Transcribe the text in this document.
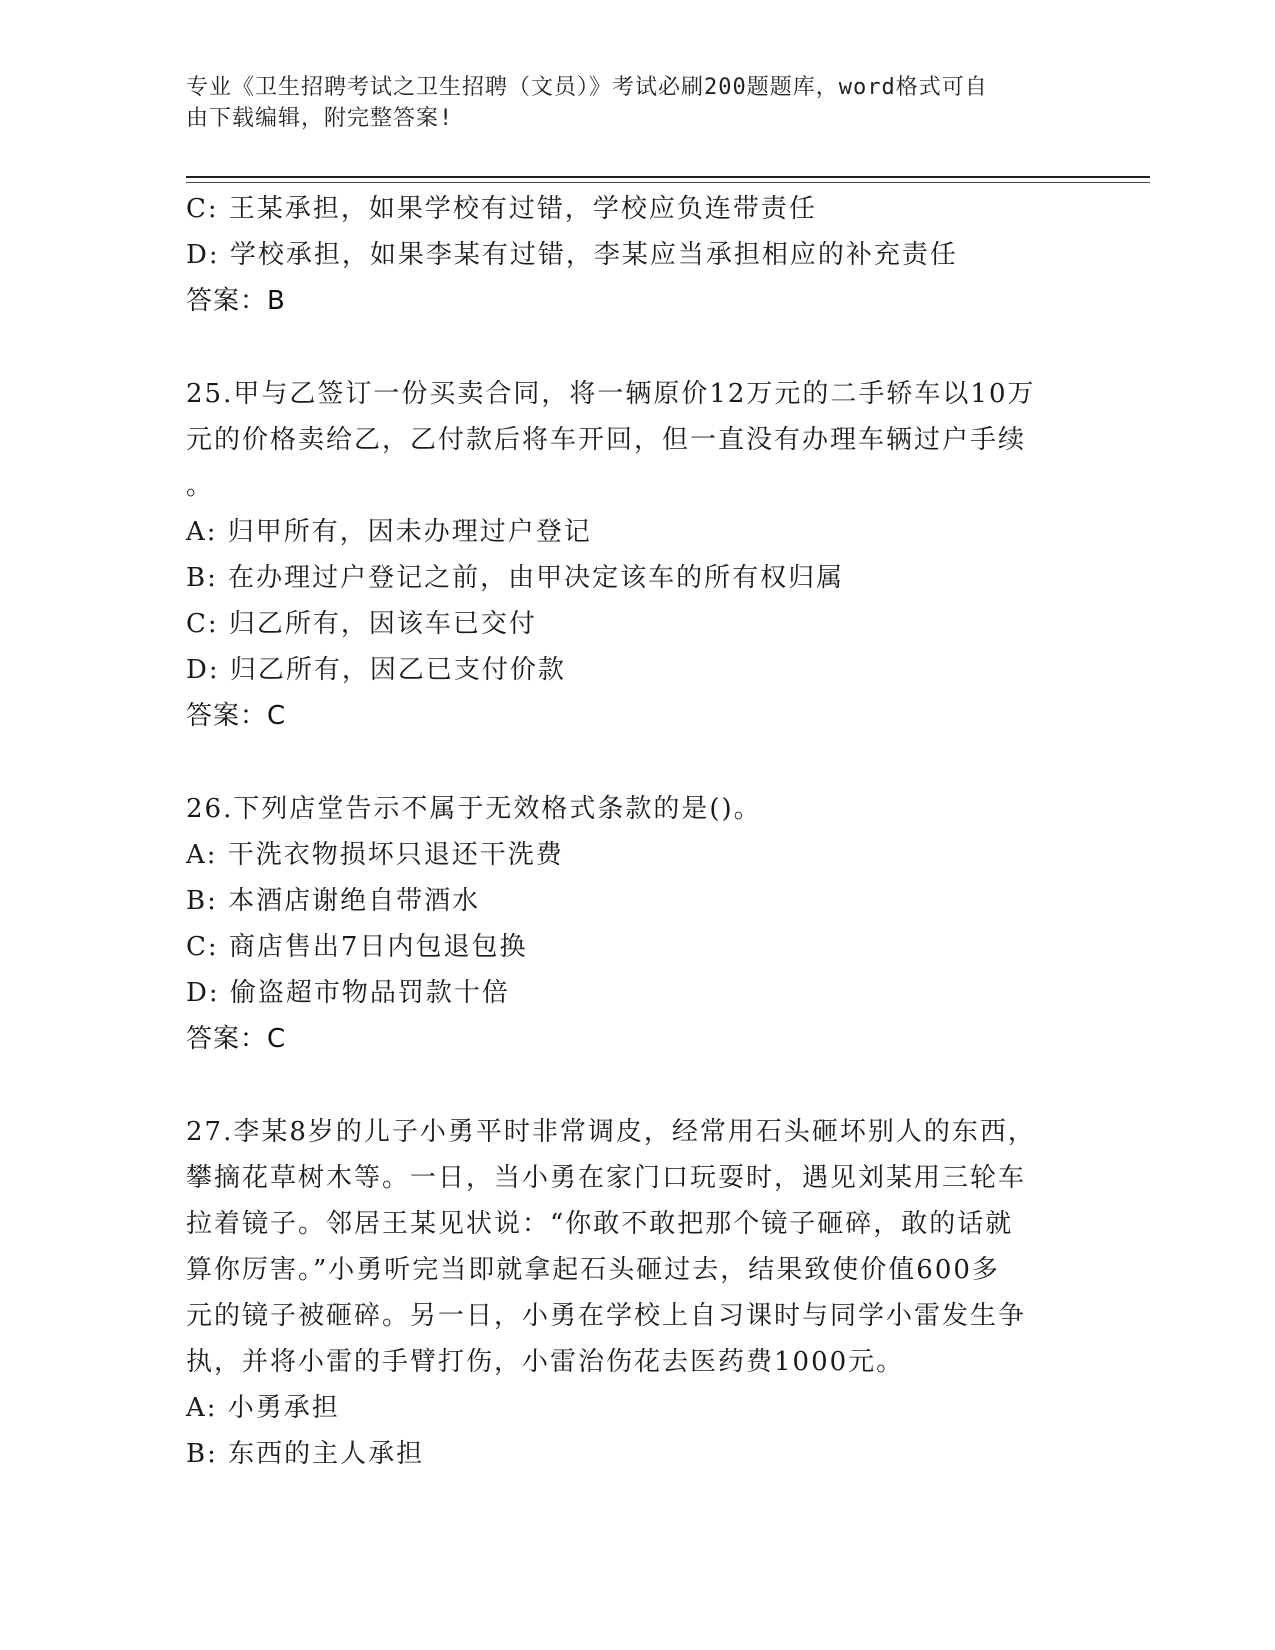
专业《卫生招聘考试之卫生招聘（文员）》考试必刷200题题库，word格式可自
由下载编辑，附完整答案!
C: 王某承担，如果学校有过错，学校应负连带责任
D: 学校承担，如果李某有过错，李某应当承担相应的补充责任
答案：B
25.甲与乙签订一份买卖合同，将一辆原价12万元的二手轿车以10万
元的价格卖给乙，乙付款后将车开回，但一直没有办理车辆过户手续
。
A: 归甲所有，因未办理过户登记
B: 在办理过户登记之前，由甲决定该车的所有权归属
C: 归乙所有，因该车已交付
D: 归乙所有，因乙已支付价款
答案：C
26.下列店堂告示不属于无效格式条款的是()。
A: 干洗衣物损坏只退还干洗费
B: 本酒店谢绝自带酒水
C: 商店售出7日内包退包换
D: 偷盗超市物品罚款十倍
答案：C
27.李某8岁的儿子小勇平时非常调皮，经常用石头砸坏别人的东西，
攀摘花草树木等。一日，当小勇在家门口玩耍时，遇见刘某用三轮车
拉着镜子。邻居王某见状说：“你敢不敢把那个镜子砸碎，敢的话就
算你厉害。”小勇听完当即就拿起石头砸过去，结果致使价值600多
元的镜子被砸碎。另一日，小勇在学校上自习课时与同学小雷发生争
执，并将小雷的手臂打伤，小雷治伤花去医药费1000元。
A: 小勇承担
B: 东西的主人承担
